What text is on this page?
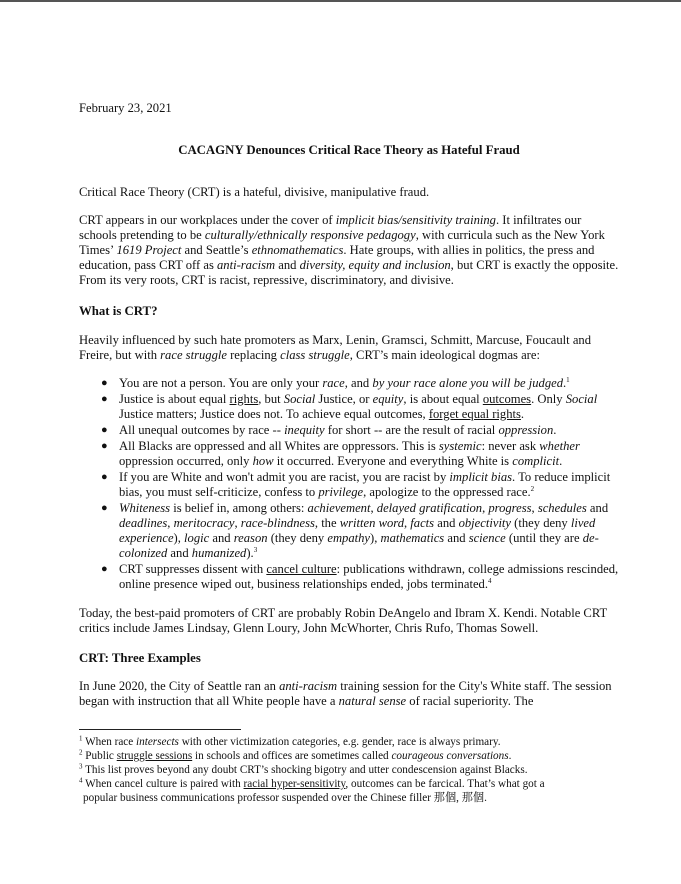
February 23, 2021

CACAGNY Denounces Critical Race Theory as Hateful Fraud

Critical Race Theory (CRT) is a hateful, divisive, manipulative fraud.

CRT appears in our workplaces under the cover of implicit bias/sensitivity training. It infiltrates our schools pretending to be culturally/ethnically responsive pedagogy, with curricula such as the New York Times’ 1619 Project and Seattle’s ethnomathematics. Hate groups, with allies in politics, the press and education, pass CRT off as anti-racism and diversity, equity and inclusion, but CRT is exactly the opposite. From its very roots, CRT is racist, repressive, discriminatory, and divisive.

What is CRT?

Heavily influenced by such hate promoters as Marx, Lenin, Gramsci, Schmitt, Marcuse, Foucault and Freire, but with race struggle replacing class struggle, CRT’s main ideological dogmas are:

● You are not a person. You are only your race, and by your race alone you will be judged.$^1$
● Justice is about equal rights, but Social Justice, or equity, is about equal outcomes. Only Social Justice matters; Justice does not. To achieve equal outcomes, forget equal rights.
● All unequal outcomes by race -- inequity for short -- are the result of racial oppression.
● All Blacks are oppressed and all Whites are oppressors. This is systemic: never ask whether oppression occurred, only how it occurred. Everyone and everything White is complicit.
● If you are White and won't admit you are racist, you are racist by implicit bias. To reduce implicit bias, you must self-criticize, confess to privilege, apologize to the oppressed race.$^2$
● Whiteness is belief in, among others: achievement, delayed gratification, progress, schedules and deadlines, meritocracy, race-blindness, the written word, facts and objectivity (they deny lived experience), logic and reason (they deny empathy), mathematics and science (until they are de-colonized and humanized).$^3$
● CRT suppresses dissent with cancel culture: publications withdrawn, college admissions rescinded, online presence wiped out, business relationships ended, jobs terminated.$^4$

Today, the best-paid promoters of CRT are probably Robin DeAngelo and Ibram X. Kendi. Notable CRT critics include James Lindsay, Glenn Loury, John McWhorter, Chris Rufo, Thomas Sowell.

CRT: Three Examples

In June 2020, the City of Seattle ran an anti-racism training session for the City's White staff. The session began with instruction that all White people have a natural sense of racial superiority. The

$^1$ When race intersects with other victimization categories, e.g. gender, race is always primary.

$^2$ Public struggle sessions in schools and offices are sometimes called courageous conversations.

$^3$ This list proves beyond any doubt CRT’s shocking bigotry and utter condescension against Blacks.

$^4$ When cancel culture is paired with racial hyper-sensitivity, outcomes can be farcical. That’s what got a

popular business communications professor suspended over the Chinese filler 那個, 那個.
